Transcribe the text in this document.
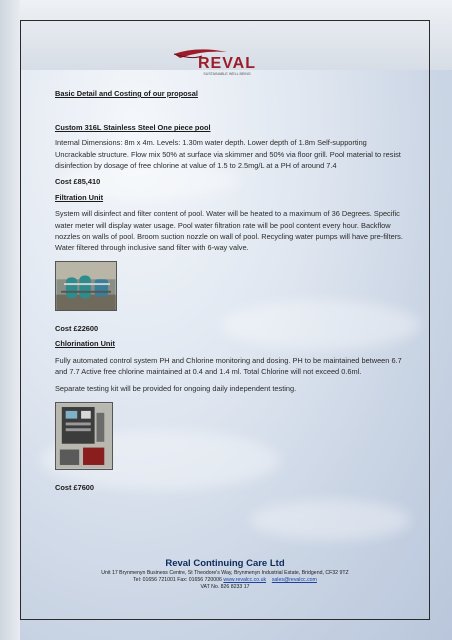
REVAL
SUSTAINABLE WELL BEING

Basic Detail and Costing of our proposal

Custom 316L Stainless Steel One piece pool

Internal Dimensions: 8m x 4m. Levels: 1.30m water depth. Lower depth of 1.8m Self-supporting Uncrackable structure. Flow mix 50% at surface via skimmer and 50% via floor grill. Pool material to resist disinfection by dosage of free chlorine at value of 1.5 to 2.5mg/L at a PH of around 7.4

Cost £85,410

Filtration Unit

System will disinfect and filter content of pool. Water will be heated to a maximum of 36 Degrees. Specific water meter will display water usage. Pool water filtration rate will be pool content every hour. Backflow nozzles on walls of pool. Broom suction nozzle on wall of pool. Recycling water pumps will have pre-filters. Water filtered through inclusive sand filter with 6-way valve.

Cost £22600

Chlorination Unit

Fully automated control system PH and Chlorine monitoring and dosing. PH to be maintained between 6.7 and 7.7 Active free chlorine maintained at 0.4 and 1.4 ml. Total Chlorine will not exceed 0.6ml.

Separate testing kit will be provided for ongoing daily independent testing.

Cost £7600

Reval Continuing Care Ltd
Unit 17 Brynmenyn Business Centre, St Theodore's Way, Brynmenyn Industrial Estate, Bridgend, CF32 9TZ
Tel: 01656 721001 Fax: 01656 720006 www.revalcc.co.uk sales@revalcc.com
VAT No. 826 8233 17
